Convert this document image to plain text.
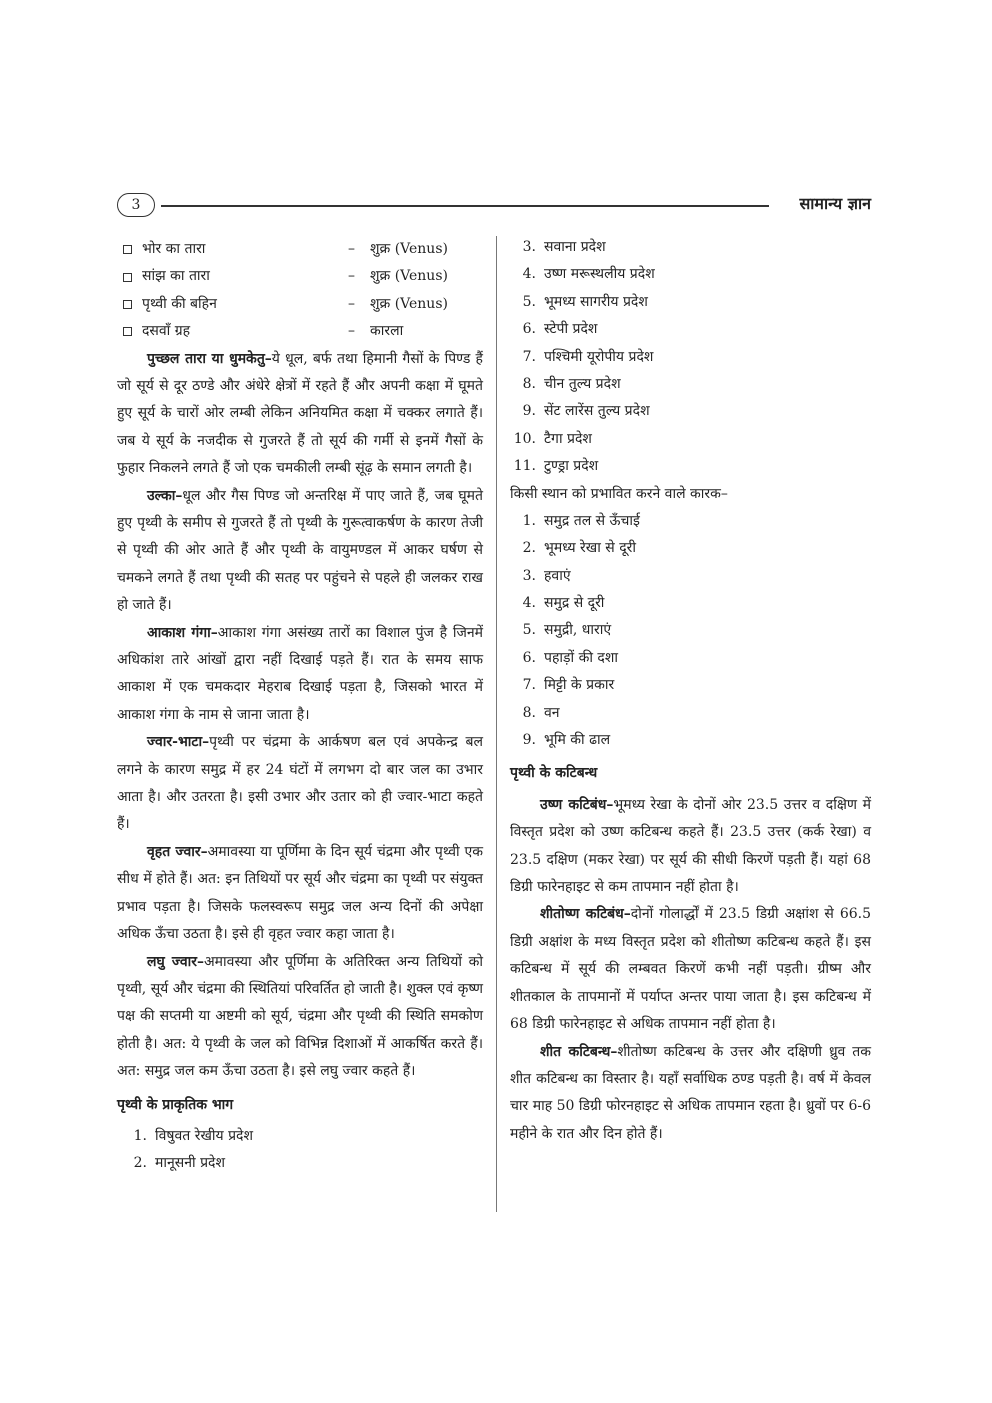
3	सामान्य ज्ञान
भोर का तारा	–	शुक्र (Venus)
सांझ का तारा	–	शुक्र (Venus)
पृथ्वी की बहिन	–	शुक्र (Venus)
दसवाँ ग्रह	–	कारला

पुच्छल तारा या धुमकेतु–ये धूल, बर्फ तथा हिमानी गैसों के पिण्ड हैं जो सूर्य से दूर ठण्डे और अंधेरे क्षेत्रों में रहते हैं और अपनी कक्षा में घूमते हुए सूर्य के चारों ओर लम्बी लेकिन अनियमित कक्षा में चक्कर लगाते हैं। जब ये सूर्य के नजदीक से गुजरते हैं तो सूर्य की गर्मी से इनमें गैसों के फुहार निकलने लगते हैं जो एक चमकीली लम्बी सूंढ़ के समान लगती है।

उल्का–धूल और गैस पिण्ड जो अन्तरिक्ष में पाए जाते हैं, जब घूमते हुए पृथ्वी के समीप से गुजरते हैं तो पृथ्वी के गुरूत्वाकर्षण के कारण तेजी से पृथ्वी की ओर आते हैं और पृथ्वी के वायुमण्डल में आकर घर्षण से चमकने लगते हैं तथा पृथ्वी की सतह पर पहुंचने से पहले ही जलकर राख हो जाते हैं।

आकाश गंगा–आकाश गंगा असंख्य तारों का विशाल पुंज है जिनमें अधिकांश तारे आंखों द्वारा नहीं दिखाई पड़ते हैं। रात के समय साफ आकाश में एक चमकदार मेहराब दिखाई पड़ता है, जिसको भारत में आकाश गंगा के नाम से जाना जाता है।

ज्वार-भाटा–पृथ्वी पर चंद्रमा के आर्कषण बल एवं अपकेन्द्र बल लगने के कारण समुद्र में हर 24 घंटों में लगभग दो बार जल का उभार आता है। और उतरता है। इसी उभार और उतार को ही ज्वार-भाटा कहते हैं।

वृहत ज्वार–अमावस्या या पूर्णिमा के दिन सूर्य चंद्रमा और पृथ्वी एक सीध में होते हैं। अत: इन तिथियों पर सूर्य और चंद्रमा का पृथ्वी पर संयुक्त प्रभाव पड़ता है। जिसके फलस्वरूप समुद्र जल अन्य दिनों की अपेक्षा अधिक ऊँचा उठता है। इसे ही वृहत ज्वार कहा जाता है।

लघु ज्वार–अमावस्या और पूर्णिमा के अतिरिक्त अन्य तिथियों को पृथ्वी, सूर्य और चंद्रमा की स्थितियां परिवर्तित हो जाती है। शुक्ल एवं कृष्ण पक्ष की सप्तमी या अष्टमी को सूर्य, चंद्रमा और पृथ्वी की स्थिति समकोण होती है। अत: ये पृथ्वी के जल को विभिन्न दिशाओं में आकर्षित करते हैं। अत: समुद्र जल कम ऊँचा उठता है। इसे लघु ज्वार कहते हैं।

पृथ्वी के प्राकृतिक भाग
1. विषुवत रेखीय प्रदेश
2. मानूसनी प्रदेश
3. सवाना प्रदेश
4. उष्ण मरूस्थलीय प्रदेश
5. भूमध्य सागरीय प्रदेश
6. स्टेपी प्रदेश
7. पश्चिमी यूरोपीय प्रदेश
8. चीन तुल्य प्रदेश
9. सेंट लारेंस तुल्य प्रदेश
10. टैगा प्रदेश
11. टुण्ड्रा प्रदेश
किसी स्थान को प्रभावित करने वाले कारक–
1. समुद्र तल से ऊँचाई
2. भूमध्य रेखा से दूरी
3. हवाएं
4. समुद्र से दूरी
5. समुद्री, धाराएं
6. पहाड़ों की दशा
7. मिट्टी के प्रकार
8. वन
9. भूमि की ढाल
पृथ्वी के कटिबन्ध

उष्ण कटिबंध–भूमध्य रेखा के दोनों ओर 23.5 उत्तर व दक्षिण में विस्तृत प्रदेश को उष्ण कटिबन्ध कहते हैं। 23.5 उत्तर (कर्क रेखा) व 23.5 दक्षिण (मकर रेखा) पर सूर्य की सीधी किरणें पड़ती हैं। यहां 68 डिग्री फारेनहाइट से कम तापमान नहीं होता है।

शीतोष्ण कटिबंध–दोनों गोलार्द्धों में 23.5 डिग्री अक्षांश से 66.5 डिग्री अक्षांश के मध्य विस्तृत प्रदेश को शीतोष्ण कटिबन्ध कहते हैं। इस कटिबन्ध में सूर्य की लम्बवत किरणें कभी नहीं पड़ती। ग्रीष्म और शीतकाल के तापमानों में पर्याप्त अन्तर पाया जाता है। इस कटिबन्ध में 68 डिग्री फारेनहाइट से अधिक तापमान नहीं होता है।

शीत कटिबन्ध–शीतोष्ण कटिबन्ध के उत्तर और दक्षिणी ध्रुव तक शीत कटिबन्ध का विस्तार है। यहाँ सर्वाधिक ठण्ड पड़ती है। वर्ष में केवल चार माह 50 डिग्री फोरनहाइट से अधिक तापमान रहता है। ध्रुवों पर 6-6 महीने के रात और दिन होते हैं।
